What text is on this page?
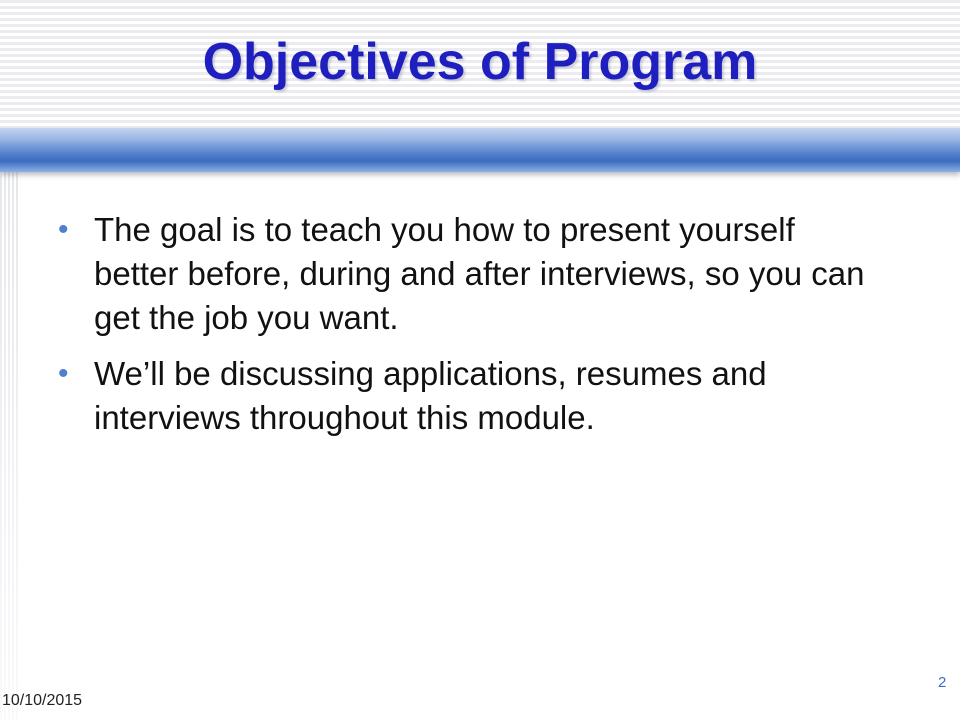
Objectives of Program
• The goal is to teach you how to present yourself better before, during and after interviews, so you can get the job you want.
• We’ll be discussing applications, resumes and interviews throughout this module.
10/10/2015
2
